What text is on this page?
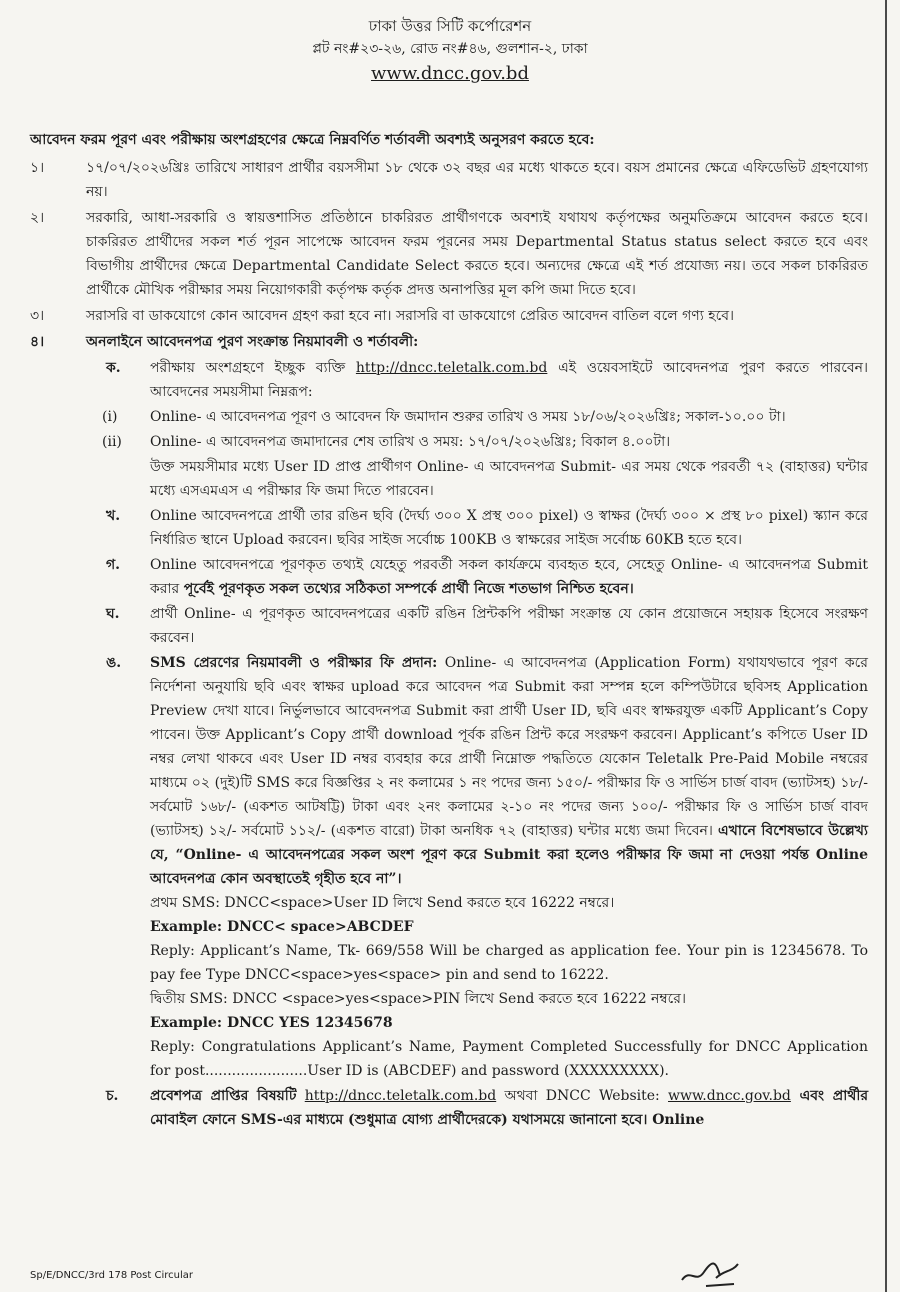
ঢাকা উত্তর সিটি কর্পোরেশন
প্লট নং#২৩-২৬, রোড নং#৪৬, গুলশান-২, ঢাকা
www.dncc.gov.bd
আবেদন ফরম পূরণ এবং পরীক্ষায় অংশগ্রহণের ক্ষেত্রে নিম্নবর্ণিত শর্তাবলী অবশ্যই অনুসরণ করতে হবে:
১।	১৭/০৭/২০২৬খ্রিঃ তারিখে সাধারণ প্রার্থীর বয়সসীমা ১৮ থেকে ৩২ বছর এর মধ্যে থাকতে হবে। বয়স প্রমানের ক্ষেত্রে এফিডেভিট গ্রহণযোগ্য নয়।
২।	সরকারি, আধা-সরকারি ও স্বায়ত্তশাসিত প্রতিষ্ঠানে চাকরিরত প্রার্থীগণকে অবশ্যই যথাযথ কর্তৃপক্ষের অনুমতিক্রমে আবেদন করতে হবে। চাকরিরত প্রার্থীদের সকল শর্ত পূরন সাপেক্ষে আবেদন ফরম পূরনের সময় Departmental Status status select করতে হবে এবং বিভাগীয় প্রার্থীদের ক্ষেত্রে Departmental Candidate Select করতে হবে। অন্যদের ক্ষেত্রে এই শর্ত প্রযোজ্য নয়। তবে সকল চাকরিরত প্রার্থীকে মৌখিক পরীক্ষার সময় নিয়োগকারী কর্তৃপক্ষ কর্তৃক প্রদত্ত অনাপত্তির মূল কপি জমা দিতে হবে।
৩।	সরাসরি বা ডাকযোগে কোন আবেদন গ্রহণ করা হবে না। সরাসরি বা ডাকযোগে প্রেরিত আবেদন বাতিল বলে গণ্য হবে।
৪।	অনলাইনে আবেদনপত্র পুরণ সংক্রান্ত নিয়মাবলী ও শর্তাবলী:
ক. পরীক্ষায় অংশগ্রহণে ইচ্ছুক ব্যক্তি http://dncc.teletalk.com.bd এই ওয়েবসাইটে আবেদনপত্র পুরণ করতে পারবেন। আবেদনের সময়সীমা নিম্নরূপ:
(i) Online- এ আবেদনপত্র পূরণ ও আবেদন ফি জমাদান শুরুর তারিখ ও সময় ১৮/০৬/২০২৬খ্রিঃ; সকাল-১০.০০ টা।
(ii) Online- এ আবেদনপত্র জমাদানের শেষ তারিখ ও সময়: ১৭/০৭/২০২৬খ্রিঃ; বিকাল ৪.০০টা।
উক্ত সময়সীমার মধ্যে User ID প্রাপ্ত প্রার্থীগণ Online- এ আবেদনপত্র Submit- এর সময় থেকে পরবর্তী ৭২ (বাহাত্তর) ঘন্টার মধ্যে এসএমএস এ পরীক্ষার ফি জমা দিতে পারবেন।
খ. Online আবেদনপত্রে প্রার্থী তার রঙিন ছবি (দৈর্ঘ্য ৩০০ X প্রস্থ ৩০০ pixel) ও স্বাক্ষর (দৈর্ঘ্য ৩০০ × প্রস্থ ৮০ pixel) স্ক্যান করে নির্ধারিত স্থানে Upload করবেন। ছবির সাইজ সর্বোচ্চ 100KB ও স্বাক্ষরের সাইজ সর্বোচ্চ 60KB হতে হবে।
গ. Online আবেদনপত্রে পূরণকৃত তথ্যই যেহেতু পরবর্তী সকল কার্যক্রমে ব্যবহৃত হবে, সেহেতু Online- এ আবেদনপত্র Submit করার পূর্বেই পূরণকৃত সকল তথ্যের সঠিকতা সম্পর্কে প্রার্থী নিজে শতভাগ নিশ্চিত হবেন।
ঘ. প্রার্থী Online- এ পূরণকৃত আবেদনপত্রের একটি রঙিন প্রিন্টকপি পরীক্ষা সংক্রান্ত যে কোন প্রয়োজনে সহায়ক হিসেবে সংরক্ষণ করবেন।
ঙ. SMS প্রেরণের নিয়মাবলী ও পরীক্ষার ফি প্রদান: Online- এ আবেদনপত্র (Application Form) যথাযথভাবে পূরণ করে নির্দেশনা অনুযায়ি ছবি এবং স্বাক্ষর upload করে আবেদন পত্র Submit করা সম্পন্ন হলে কম্পিউটারে ছবিসহ Application Preview দেখা যাবে। নির্ভুলভাবে আবেদনপত্র Submit করা প্রার্থী User ID, ছবি এবং স্বাক্ষরযুক্ত একটি Applicant’s Copy পাবেন। উক্ত Applicant’s Copy প্রার্থী download পূর্বক রঙিন প্রিন্ট করে সংরক্ষণ করবেন। Applicant’s কপিতে User ID নম্বর লেখা থাকবে এবং User ID নম্বর ব্যবহার করে প্রার্থী নিম্নোক্ত পদ্ধতিতে যেকোন Teletalk Pre-Paid Mobile নম্বরের মাধ্যমে ০২ (দুই)টি SMS করে বিজ্ঞপ্তির ২ নং কলামের ১ নং পদের জন্য ১৫০/- পরীক্ষার ফি ও সার্ভিস চার্জ বাবদ (ভ্যাটসহ) ১৮/- সর্বমোট ১৬৮/- (একশত আটষট্টি) টাকা এবং ২নং কলামের ২-১০ নং পদের জন্য ১০০/- পরীক্ষার ফি ও সার্ভিস চার্জ বাবদ (ভ্যাটসহ) ১২/- সর্বমোট ১১২/- (একশত বারো) টাকা অনধিক ৭২ (বাহাত্তর) ঘন্টার মধ্যে জমা দিবেন। এখানে বিশেষভাবে উল্লেখ্য যে, “Online- এ আবেদনপত্রের সকল অংশ পূরণ করে Submit করা হলেও পরীক্ষার ফি জমা না দেওয়া পর্যন্ত Online আবেদনপত্র কোন অবস্থাতেই গৃহীত হবে না”।
প্রথম SMS: DNCC<space>User ID লিখে Send করতে হবে 16222 নম্বরে।
Example: DNCC< space>ABCDEF
Reply: Applicant’s Name, Tk- 669/558 Will be charged as application fee. Your pin is 12345678. To pay fee Type DNCC<space>yes<space> pin and send to 16222.
দ্বিতীয় SMS: DNCC <space>yes<space>PIN লিখে Send করতে হবে 16222 নম্বরে।
Example: DNCC YES 12345678
Reply: Congratulations Applicant’s Name, Payment Completed Successfully for DNCC Application for post.......................User ID is (ABCDEF) and password (XXXXXXXXX).
চ. প্রবেশপত্র প্রাপ্তির বিষয়টি http://dncc.teletalk.com.bd অথবা DNCC Website: www.dncc.gov.bd এবং প্রার্থীর মোবাইল ফোনে SMS-এর মাধ্যমে (শুধুমাত্র যোগ্য প্রার্থীদেরকে) যথাসময়ে জানানো হবে। Online
Sp/E/DNCC/3rd 178 Post Circular
